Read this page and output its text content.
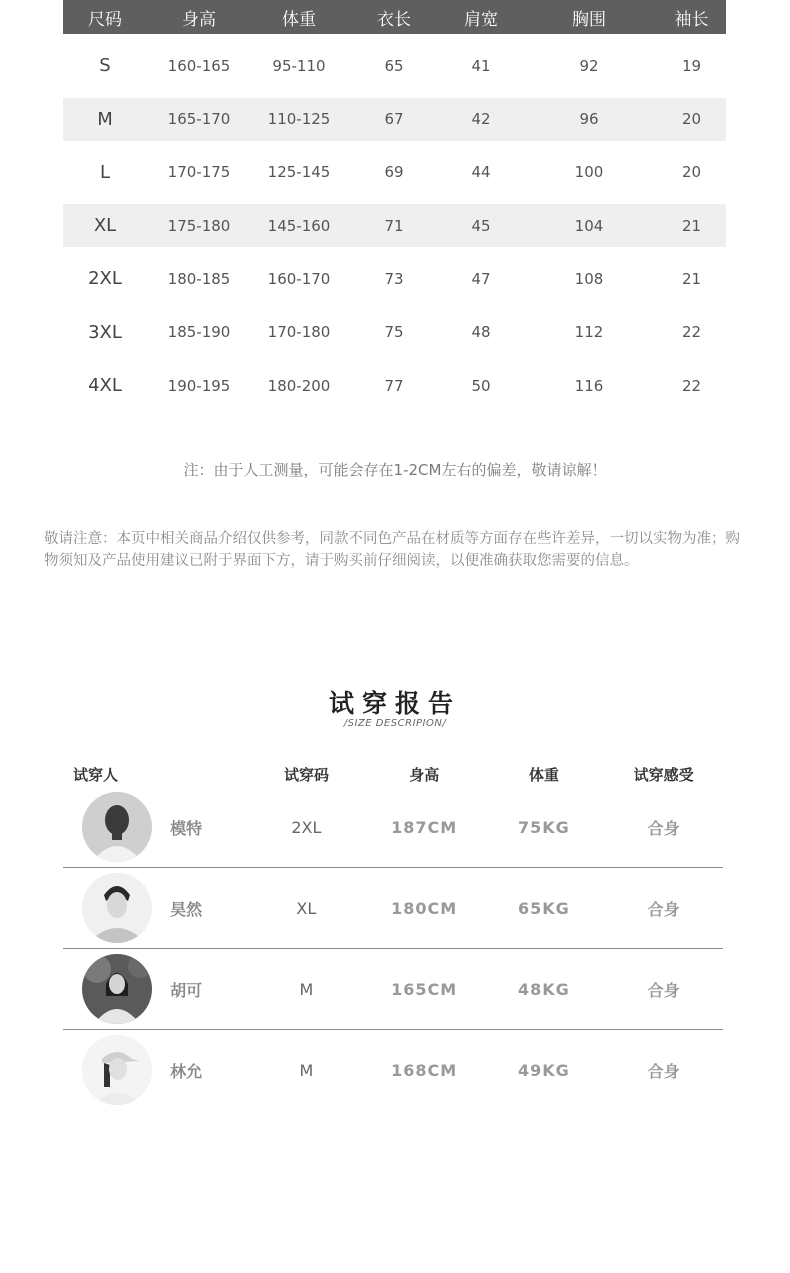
尺码	身高	体重	衣长	肩宽	胸围	袖长
S	160-165	95-110	65	41	92	19
M	165-170	110-125	67	42	96	20
L	170-175	125-145	69	44	100	20
XL	175-180	145-160	71	45	104	21
2XL	180-185	160-170	73	47	108	21
3XL	185-190	170-180	75	48	112	22
4XL	190-195	180-200	77	50	116	22
注：由于人工测量，可能会存在1-2CM左右的偏差，敬请谅解！
敬请注意：本页中相关商品介绍仅供参考，同款不同色产品在材质等方面存在些许差异，一切以实物为准；购物须知及产品使用建议已附于界面下方，请于购买前仔细阅读，以便准确获取您需要的信息。
试穿报告
/SIZE DESCRIPION/
试穿人	试穿码	身高	体重	试穿感受
模特	2XL	187CM	75KG	合身
昊然	XL	180CM	65KG	合身
胡可	M	165CM	48KG	合身
林允	M	168CM	49KG	合身
